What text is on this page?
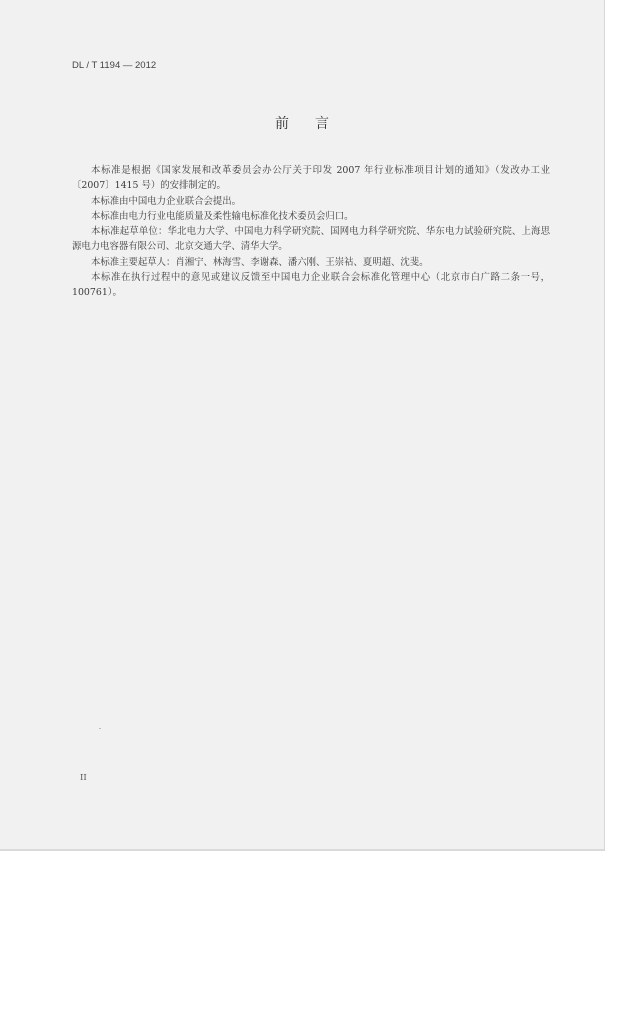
DL / T 1194 — 2012
前言

本标准是根据《国家发展和改革委员会办公厅关于印发 2007 年行业标准项目计划的通知》（发改办工业〔2007〕1415 号）的安排制定的。

本标准由中国电力企业联合会提出。

本标准由电力行业电能质量及柔性输电标准化技术委员会归口。

本标准起草单位：华北电力大学、中国电力科学研究院、国网电力科学研究院、华东电力试验研究院、上海思源电力电容器有限公司、北京交通大学、清华大学。

本标准主要起草人：肖湘宁、林海雪、李谢森、潘六刚、王崇祜、夏明超、沈斐。

本标准在执行过程中的意见或建议反馈至中国电力企业联合会标准化管理中心（北京市白广路二条一号，100761）。

II
